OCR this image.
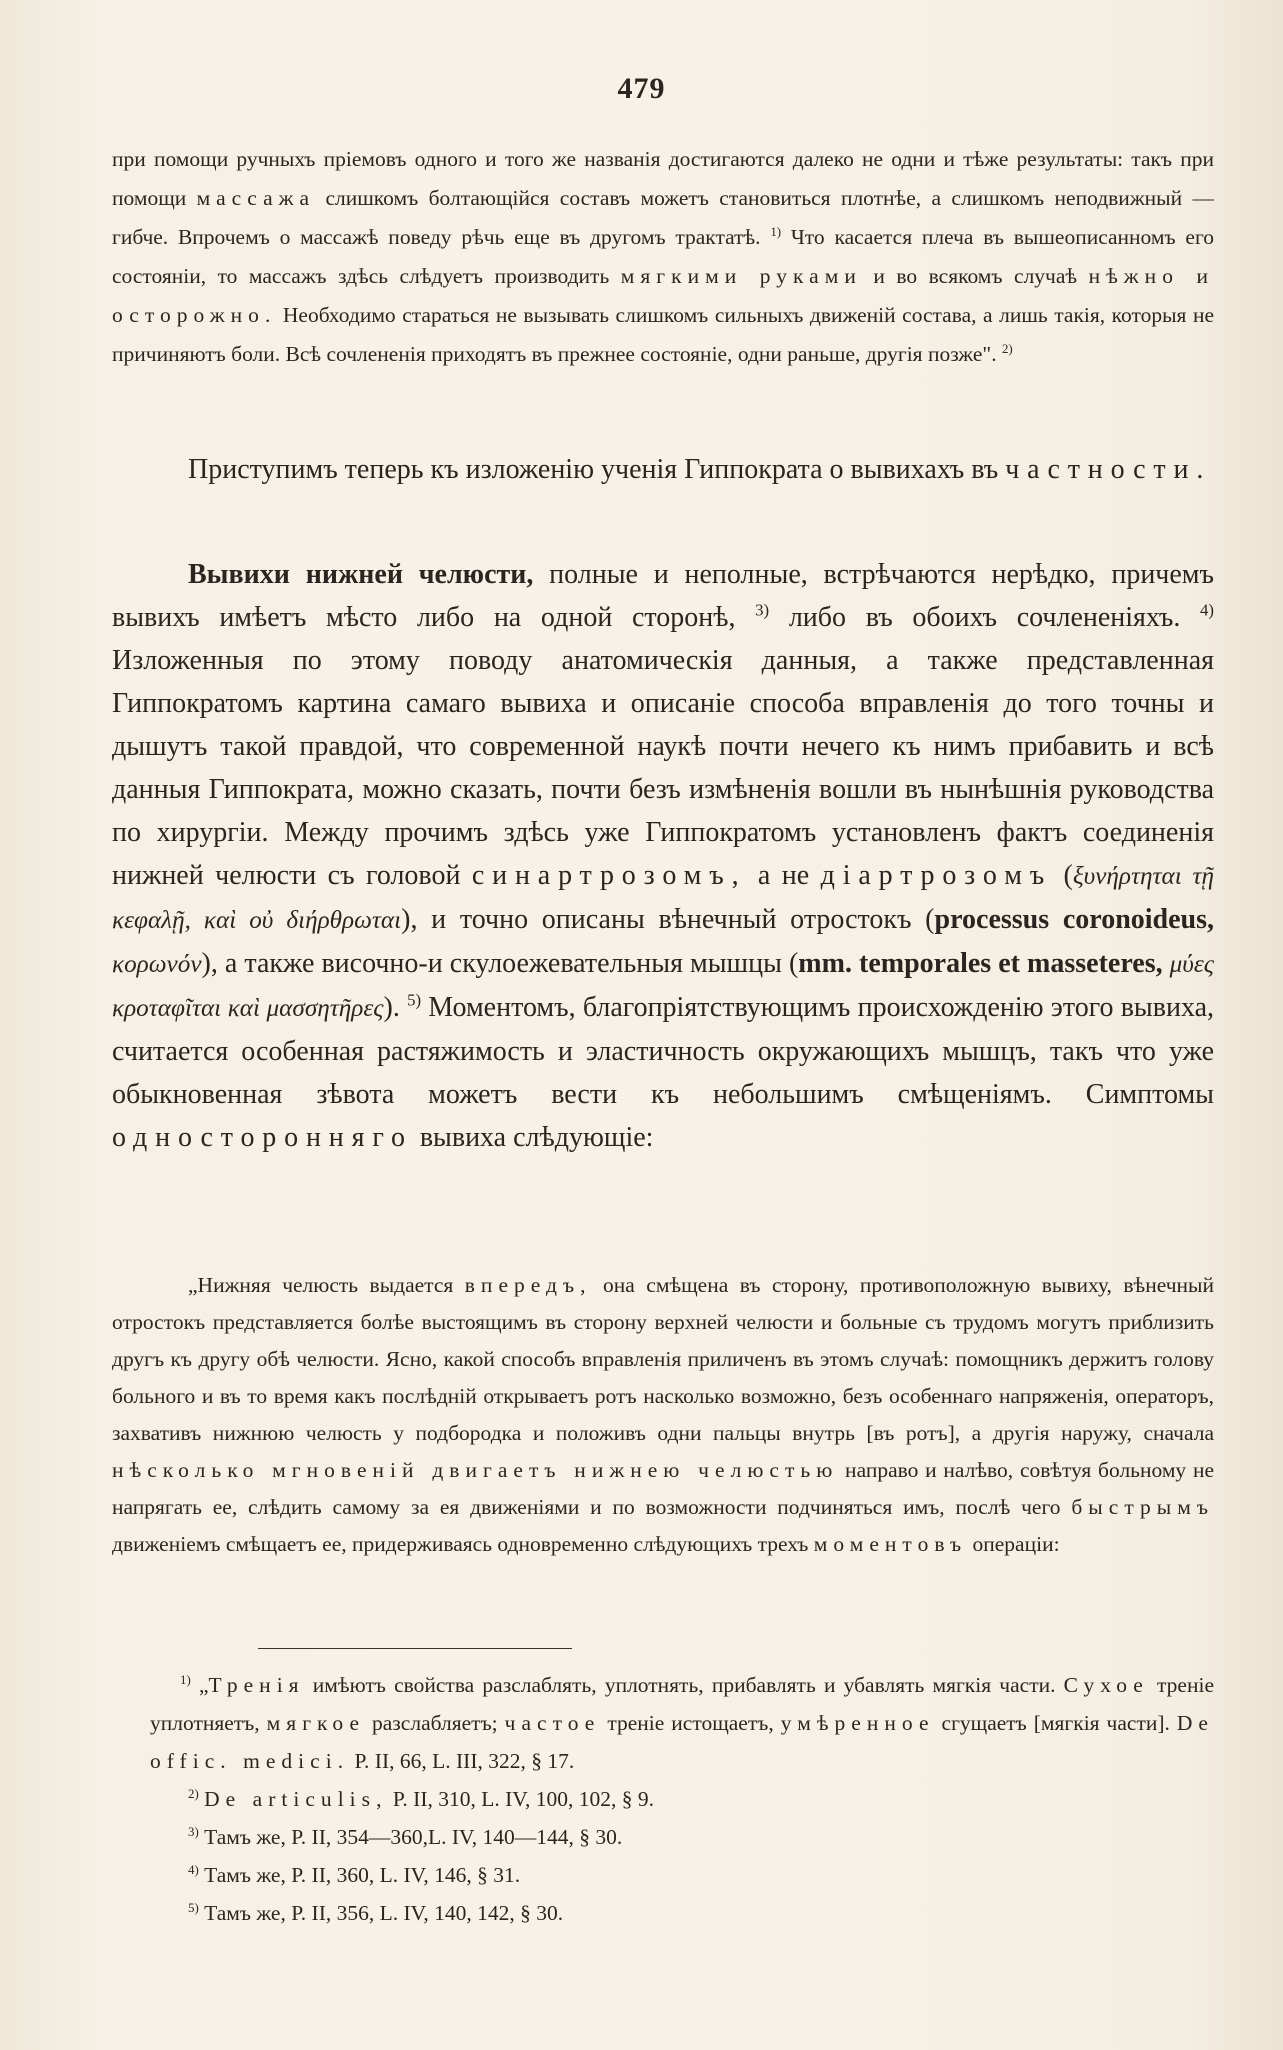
479
при помощи ручныхъ пріемовъ одного и того же названія достигаются далеко не одни и тѣже результаты: такъ при помощи массажа слишкомъ болтающійся составъ можетъ становиться плотнѣе, а слишкомъ неподвижный — гибче. Впрочемъ о массажѣ поведу рѣчь еще въ другомъ трактатѣ. $^{1)}$ Что касается плеча въ вышеописанномъ его состояніи, то массажъ здѣсь слѣдуетъ производить мягкими руками и во всякомъ случаѣ нѣжно и осторожно. Необходимо стараться не вызывать слишкомъ сильныхъ движеній состава, а лишь такія, которыя не причиняютъ боли. Всѣ сочлененія приходятъ въ прежнее состояніе, одни раньше, другія позже". $^{2)}$
Приступимъ теперь къ изложенію ученія Гиппократа о вывихахъ въ частности.
Вывихи нижней челюсти, полные и неполные, встрѣчаются нерѣдко, причемъ вывихъ имѣетъ мѣсто либо на одной сторонѣ, $^{3)}$ либо въ обоихъ сочлененіяхъ. $^{4)}$ Изложенныя по этому поводу анатомическія данныя, а также представленная Гиппократомъ картина самаго вывиха и описаніе способа вправленія до того точны и дышутъ такой правдой, что современной наукѣ почти нечего къ нимъ прибавить и всѣ данныя Гиппократа, можно сказать, почти безъ измѣненія вошли въ нынѣшнія руководства по хирургіи. Между прочимъ здѣсь уже Гиппократомъ установленъ фактъ соединенія нижней челюсти съ головой синартрозомъ, а не діартрозомъ (ξυνήρτηται τῇ κεφαλῇ, καὶ οὐ διήρθρωται), и точно описаны вѣнечный отростокъ (processus coronoideus, κορωνόν), а также височно-и скулоежевательныя мышцы (mm. temporales et masseteres, μύες κροταφῖται καὶ μασσητῆρες). $^{5)}$ Моментомъ, благопріятствующимъ происхожденію этого вывиха, считается особенная растяжимость и эластичность окружающихъ мышцъ, такъ что уже обыкновенная зѣвота можетъ вести къ небольшимъ смѣщеніямъ. Симптомы односторонняго вывиха слѣдующіе:
„Нижняя челюсть выдается впередъ, она смѣщена въ сторону, противоположную вывиху, вѣнечный отростокъ представляется болѣе выстоящимъ въ сторону верхней челюсти и больные съ трудомъ могутъ приблизить другъ къ другу обѣ челюсти. Ясно, какой способъ вправленія приличенъ въ этомъ случаѣ: помощникъ держитъ голову больного и въ то время какъ послѣдній открываетъ ротъ насколько возможно, безъ особеннаго напряженія, операторъ, захвативъ нижнюю челюсть у подбородка и положивъ одни пальцы внутрь [въ ротъ], а другія наружу, сначала нѣсколько мгновеній двигаетъ нижнею челюстью направо и налѣво, совѣтуя больному не напрягать ее, слѣдить самому за ея движеніями и по возможности подчиняться имъ, послѣ чего быстрымъ движеніемъ смѣщаетъ ее, придерживаясь одновременно слѣдующихъ трехъ моментовъ операціи:
$^{1)}$ „Тренія имѣютъ свойства разслаблять, уплотнять, прибавлять и убавлять мягкія части. Сухое треніе уплотняетъ, мягкое разслабляетъ; частое треніе истощаетъ, умѣренное сгущаетъ [мягкія части]. De offic. medici. P. II, 66, L. III, 322, § 17.
$^{2)}$ De articulis, P. II, 310, L. IV, 100, 102, § 9.
$^{3)}$ Тамъ же, P. II, 354—360,L. IV, 140—144, § 30.
$^{4)}$ Тамъ же, P. II, 360, L. IV, 146, § 31.
$^{5)}$ Тамъ же, P. II, 356, L. IV, 140, 142, § 30.
